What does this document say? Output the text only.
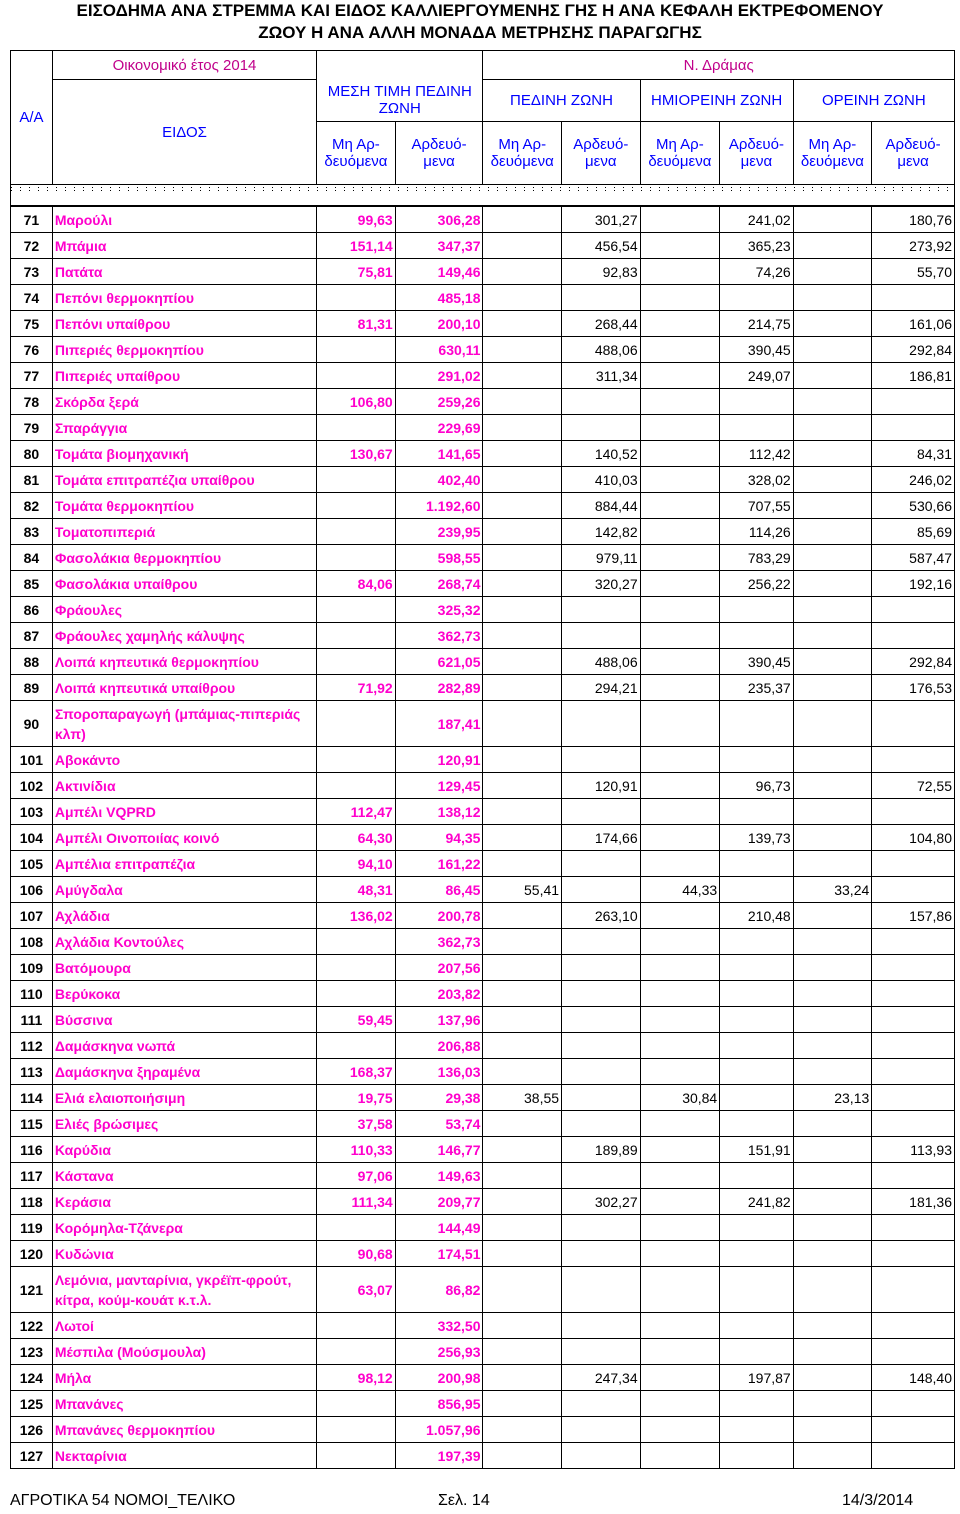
ΕΙΣΟΔΗΜΑ ΑΝΑ ΣΤΡΕΜΜΑ ΚΑΙ ΕΙΔΟΣ ΚΑΛΛΙΕΡΓΟΥΜΕΝΗΣ ΓΗΣ Η ΑΝΑ ΚΕΦΑΛΗ ΕΚΤΡΕΦΟΜΕΝΟΥ
ΖΩΟΥ Η ΑΝΑ ΑΛΛΗ ΜΟΝΑΔΑ ΜΕΤΡΗΣΗΣ ΠΑΡΑΓΩΓΗΣ
Α/Α	Οικονομικό έτος 2014			Ν. Δράμας					
	ΕΙΔΟΣ	ΜΕΣΗ ΤΙΜΗ ΠΕΔΙΝΗ ΖΩΝΗ		ΠΕΔΙΝΗ ΖΩΝΗ		ΗΜΙΟΡΕΙΝΗ ΖΩΝΗ		ΟΡΕΙΝΗ ΖΩΝΗ	
		Μη Αρ- δευόμενα	Αρδευό- μενα	Μη Αρ- δευόμενα	Αρδευό- μενα	Μη Αρ- δευόμενα	Αρδευό- μενα	Μη Αρ- δευόμενα	Αρδευό- μενα
71	Μαρούλι	99,63	306,28		301,27		241,02		180,76
72	Μπάμια	151,14	347,37		456,54		365,23		273,92
73	Πατάτα	75,81	149,46		92,83		74,26		55,70
74	Πεπόνι θερμοκηπίου		485,18						
75	Πεπόνι υπαίθρου	81,31	200,10		268,44		214,75		161,06
76	Πιπεριές θερμοκηπίου		630,11		488,06		390,45		292,84
77	Πιπεριές υπαίθρου		291,02		311,34		249,07		186,81
78	Σκόρδα ξερά	106,80	259,26						
79	Σπαράγγια		229,69						
80	Τομάτα βιομηχανική	130,67	141,65		140,52		112,42		84,31
81	Τομάτα επιτραπέζια υπαίθρου		402,40		410,03		328,02		246,02
82	Τομάτα θερμοκηπίου		1.192,60		884,44		707,55		530,66
83	Τοματοπιπεριά		239,95		142,82		114,26		85,69
84	Φασολάκια θερμοκηπίου		598,55		979,11		783,29		587,47
85	Φασολάκια υπαίθρου	84,06	268,74		320,27		256,22		192,16
86	Φράουλες		325,32						
87	Φράουλες χαμηλής κάλυψης		362,73						
88	Λοιπά κηπευτικά θερμοκηπίου		621,05		488,06		390,45		292,84
89	Λοιπά κηπευτικά υπαίθρου	71,92	282,89		294,21		235,37		176,53
90	Σποροπαραγωγή (μπάμιας-πιπεριάς κλπ)		187,41						
101	Αβοκάντο		120,91						
102	Ακτινίδια		129,45		120,91		96,73		72,55
103	Αμπέλι VQPRD	112,47	138,12						
104	Αμπέλι Οινοποιίας κοινό	64,30	94,35		174,66		139,73		104,80
105	Αμπέλια επιτραπέζια	94,10	161,22						
106	Αμύγδαλα	48,31	86,45	55,41		44,33		33,24	
107	Αχλάδια	136,02	200,78		263,10		210,48		157,86
108	Αχλάδια Κοντούλες		362,73						
109	Βατόμουρα		207,56						
110	Βερύκοκα		203,82						
111	Βύσσινα	59,45	137,96						
112	Δαμάσκηνα νωπά		206,88						
113	Δαμάσκηνα ξηραμένα	168,37	136,03						
114	Ελιά ελαιοποιήσιμη	19,75	29,38	38,55		30,84		23,13	
115	Ελιές βρώσιμες	37,58	53,74						
116	Καρύδια	110,33	146,77		189,89		151,91		113,93
117	Κάστανα	97,06	149,63						
118	Κεράσια	111,34	209,77		302,27		241,82		181,36
119	Κορόμηλα-Τζάνερα		144,49						
120	Κυδώνια	90,68	174,51						
121	Λεμόνια, μανταρίνια, γκρέϊπ-φρούτ, κίτρα, κούμ-κουάτ κ.τ.λ.	63,07	86,82						
122	Λωτοί		332,50						
123	Μέσπιλα (Μούσμουλα)		256,93						
124	Μήλα	98,12	200,98		247,34		197,87		148,40
125	Μπανάνες		856,95						
126	Μπανάνες θερμοκηπίου		1.057,96						
127	Νεκταρίνια		197,39						
ΑΓΡΟΤΙΚΑ 54 ΝΟΜΟΙ_ΤΕΛΙΚΟ	Σελ. 14	14/3/2014
